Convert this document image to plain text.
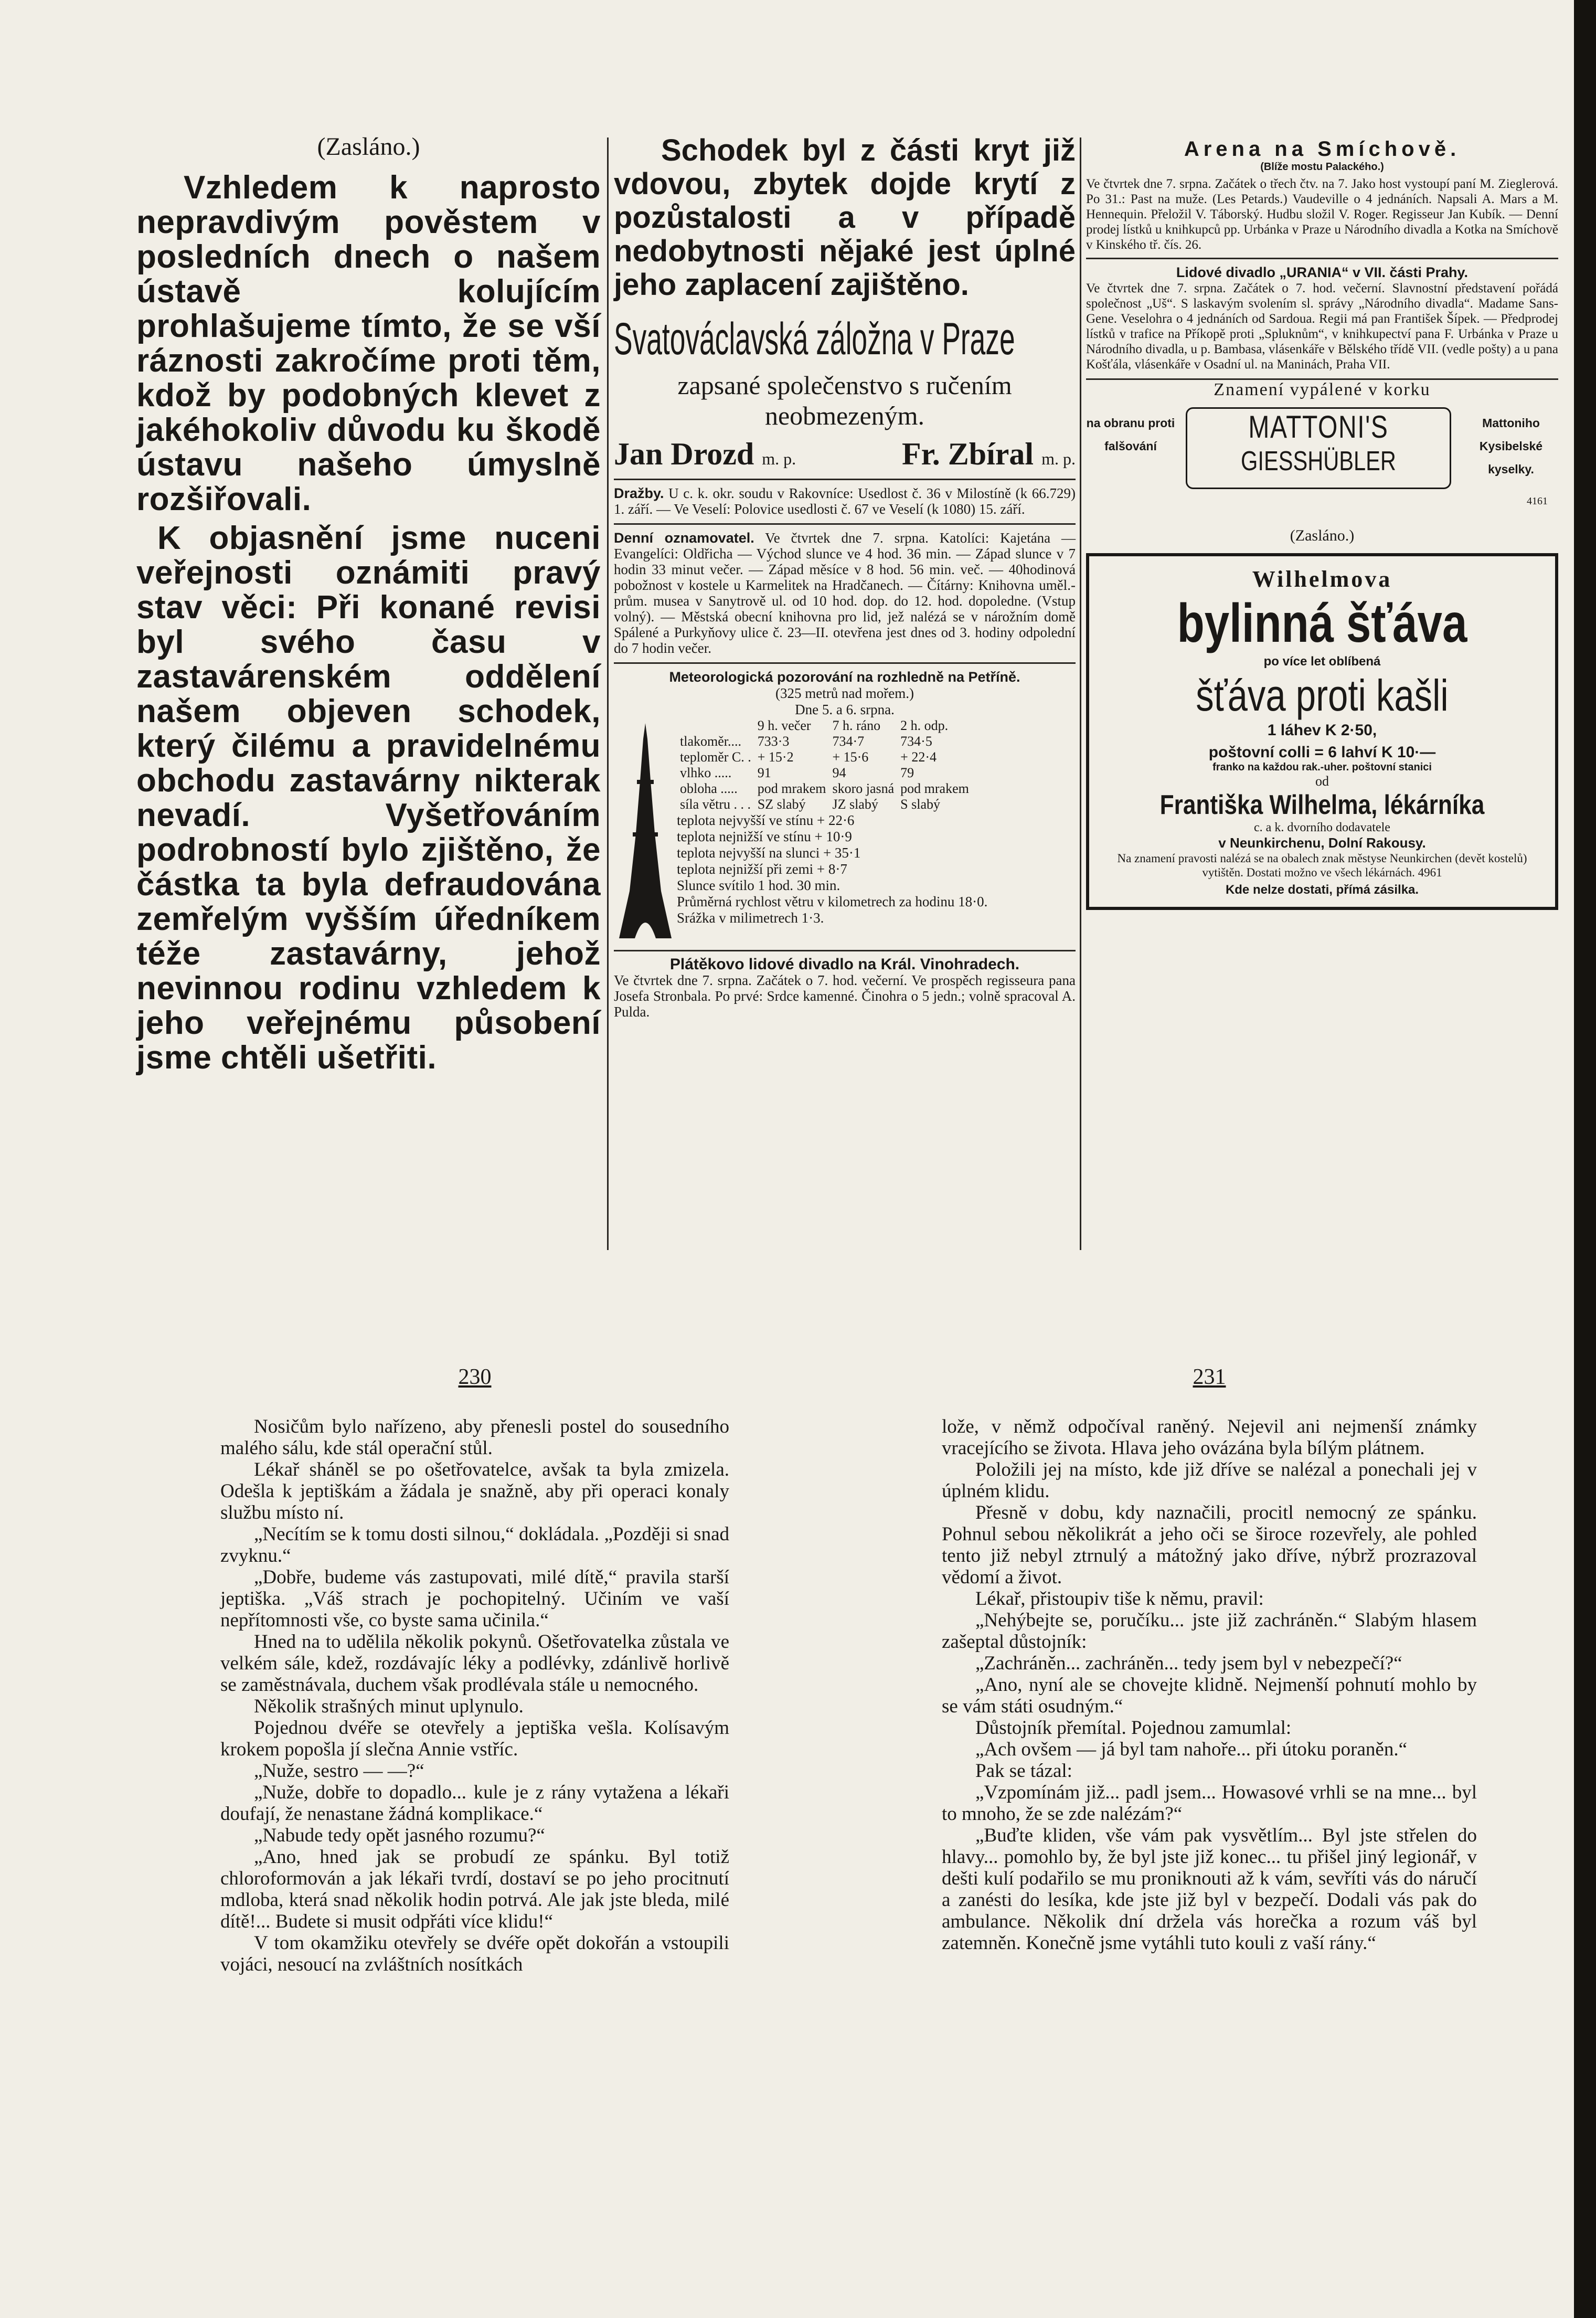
(Zasláno.)

Vzhledem k naprosto nepravdivým pověstem v posledních dnech o našem ústavě kolujícím prohlašujeme tímto, že se vší ráznosti zakročíme proti těm, kdož by podobných klevet z jakéhokoliv důvodu ku škodě ústavu našeho úmyslně rozšiřovali.

K objasnění jsme nuceni veřejnosti oznámiti pravý stav věci: Při konané revisi byl svého času v zastavárenském oddělení našem objeven schodek, který čilému a pravidelnému obchodu zastavárny nikterak nevadí. Vyšetřováním podrobností bylo zjištěno, že částka ta byla defraudována zemřelým vyšším úředníkem téže zastavárny, jehož nevinnou rodinu vzhledem k jeho veřejnému působení jsme chtěli ušetřiti.

Schodek byl z části kryt již vdovou, zbytek dojde krytí z pozůstalosti a v případě nedobytnosti nějaké jest úplné jeho zaplacení zajištěno.
Svatováclavská záložna v Praze
zapsané společenstvo s ručením neobmezeným.
Jan Drozd m. p.	Fr. Zbíral m. p.
Dražby. U c. k. okr. soudu v Rakovníce: Usedlost č. 36 v Milostíně (k 66.729) 1. září. — Ve Veselí: Polovice usedlosti č. 67 ve Veselí (k 1080) 15. září.
Denní oznamovatel. Ve čtvrtek dne 7. srpna. Katolíci: Kajetána — Evangelíci: Oldřicha — Východ slunce ve 4 hod. 36 min. — Západ slunce v 7 hodin 33 minut večer. — Západ měsíce v 8 hod. 56 min. več. — 40hodinová pobožnost v kostele u Karmelitek na Hradčanech. — Čítárny: Knihovna uměl.-prům. musea v Sanytrově ul. od 10 hod. dop. do 12. hod. dopoledne. (Vstup volný). — Městská obecní knihovna pro lid, jež nalézá se v nárožním domě Spálené a Purkyňovy ulice č. 23—II. otevřena jest dnes od 3. hodiny odpolední do 7 hodin večer.
Meteorologická pozorování na rozhledně na Petříně.
(325 metrů nad mořem.)
Dne 5. a 6. srpna.
	9 h. večer	7 h. ráno	2 h. odp.
tlakoměr....	733·3	734·7	734·5
teploměr C. .	+ 15·2	+ 15·6	+ 22·4
vlhko .....	91	94	79
obloha .....	pod mrakem	skoro jasná	pod mrakem
síla větru . . .	SZ slabý	JZ slabý	S slabý
teplota nejvyšší ve stínu + 22·6
teplota nejnižší ve stínu + 10·9
teplota nejvyšší na slunci + 35·1
teplota nejnižší při zemi + 8·7
Slunce svítilo 1 hod. 30 min.
Průměrná rychlost větru v kilometrech za hodinu 18·0.
Srážka v milimetrech 1·3.
Plátěkovo lidové divadlo na Král. Vinohradech.
Ve čtvrtek dne 7. srpna. Začátek o 7. hod. večerní. Ve prospěch regisseura pana Josefa Stronbala. Po prvé: Srdce kamenné. Činohra o 5 jedn.; volně spracoval A. Pulda.
Arena na Smíchově.
(Blíže mostu Palackého.)
Ve čtvrtek dne 7. srpna. Začátek o třech čtv. na 7. Jako host vystoupí paní M. Zieglerová. Po 31.: Past na muže. (Les Petards.) Vaudeville o 4 jednáních. Napsali A. Mars a M. Hennequin. Přeložil V. Táborský. Hudbu složil V. Roger. Regisseur Jan Kubík. — Denní prodej lístků u knihkupců pp. Urbánka v Praze u Národního divadla a Kotka na Smíchově v Kinského tř. čís. 26.
Lidové divadlo „URANIA“ v VII. části Prahy.
Ve čtvrtek dne 7. srpna. Začátek o 7. hod. večerní. Slavnostní představení pořádá společnost „Uš“. S laskavým svolením sl. správy „Národního divadla“. Madame Sans-Gene. Veselohra o 4 jednáních od Sardoua. Regii má pan František Šípek. — Předprodej lístků v trafice na Příkopě proti „Spluknům“, v knihkupectví pana F. Urbánka v Praze u Národního divadla, u p. Bambasa, vlásenkáře v Bělského třídě VII. (vedle pošty) a u pana Košťála, vlásenkáře v Osadní ul. na Maninách, Praha VII.
Znamení vypálené v korku
na obranu proti falšování
MATTONI'S
GIESSHÜBLER
Mattoniho Kysibelské kyselky.
4161
(Zasláno.)
Wilhelmova
bylinná šťáva
po více let oblíbená
šťáva proti kašli
1 láhev K 2·50,
poštovní colli = 6 lahví K 10·—
franko na každou rak.-uher. poštovní stanici
od
Františka Wilhelma, lékárníka
c. a k. dvorního dodavatele
v Neunkirchenu, Dolní Rakousy.
Na znamení pravosti nalézá se na obalech znak městyse Neunkirchen (devět kostelů) vytištěn. Dostati možno ve všech lékárnách. 4961
Kde nelze dostati, přímá zásilka.
230

Nosičům bylo nařízeno, aby přenesli postel do sousedního malého sálu, kde stál operační stůl.

Lékař sháněl se po ošetřovatelce, avšak ta byla zmizela. Odešla k jeptiškám a žádala je snažně, aby při operaci konaly službu místo ní.

„Necítím se k tomu dosti silnou,“ dokládala. „Později si snad zvyknu.“

„Dobře, budeme vás zastupovati, milé dítě,“ pravila starší jeptiška. „Váš strach je pochopitelný. Učiním ve vaší nepřítomnosti vše, co byste sama učinila.“

Hned na to udělila několik pokynů. Ošetřovatelka zůstala ve velkém sále, kdež, rozdávajíc léky a podlévky, zdánlivě horlivě se zaměstnávala, duchem však prodlévala stále u nemocného.

Několik strašných minut uplynulo.

Pojednou dvéře se otevřely a jeptiška vešla. Kolísavým krokem popošla jí slečna Annie vstříc.

„Nuže, sestro — —?“

„Nuže, dobře to dopadlo... kule je z rány vytažena a lékaři doufají, že nenastane žádná komplikace.“

„Nabude tedy opět jasného rozumu?“

„Ano, hned jak se probudí ze spánku. Byl totiž chloroformován a jak lékaři tvrdí, dostaví se po jeho procitnutí mdloba, která snad několik hodin potrvá. Ale jak jste bleda, milé dítě!... Budete si musit odpřáti více klidu!“

V tom okamžiku otevřely se dvéře opět dokořán a vstoupili vojáci, nesoucí na zvláštních nosítkách

231

lože, v němž odpočíval raněný. Nejevil ani nejmenší známky vracejícího se života. Hlava jeho ovázána byla bílým plátnem.

Položili jej na místo, kde již dříve se nalézal a ponechali jej v úplném klidu.

Přesně v dobu, kdy naznačili, procitl nemocný ze spánku. Pohnul sebou několikrát a jeho oči se široce rozevřely, ale pohled tento již nebyl ztrnulý a mátožný jako dříve, nýbrž prozrazoval vědomí a život.

Lékař, přistoupiv tiše k němu, pravil:

„Nehýbejte se, poručíku... jste již zachráněn.“ Slabým hlasem zašeptal důstojník:

„Zachráněn... zachráněn... tedy jsem byl v nebezpečí?“

„Ano, nyní ale se chovejte klidně. Nejmenší pohnutí mohlo by se vám státi osudným.“

Důstojník přemítal. Pojednou zamumlal:

„Ach ovšem — já byl tam nahoře... při útoku poraněn.“

Pak se tázal:

„Vzpomínám již... padl jsem... Howasové vrhli se na mne... byl to mnoho, že se zde nalézám?“

„Buďte kliden, vše vám pak vysvětlím... Byl jste střelen do hlavy... pomohlo by, že byl jste již konec... tu přišel jiný legionář, v dešti kulí podařilo se mu proniknouti až k vám, sevříti vás do náručí a zanésti do lesíka, kde jste již byl v bezpečí. Dodali vás pak do ambulance. Několik dní držela vás horečka a rozum váš byl zatemněn. Konečně jsme vytáhli tuto kouli z vaší rány.“
